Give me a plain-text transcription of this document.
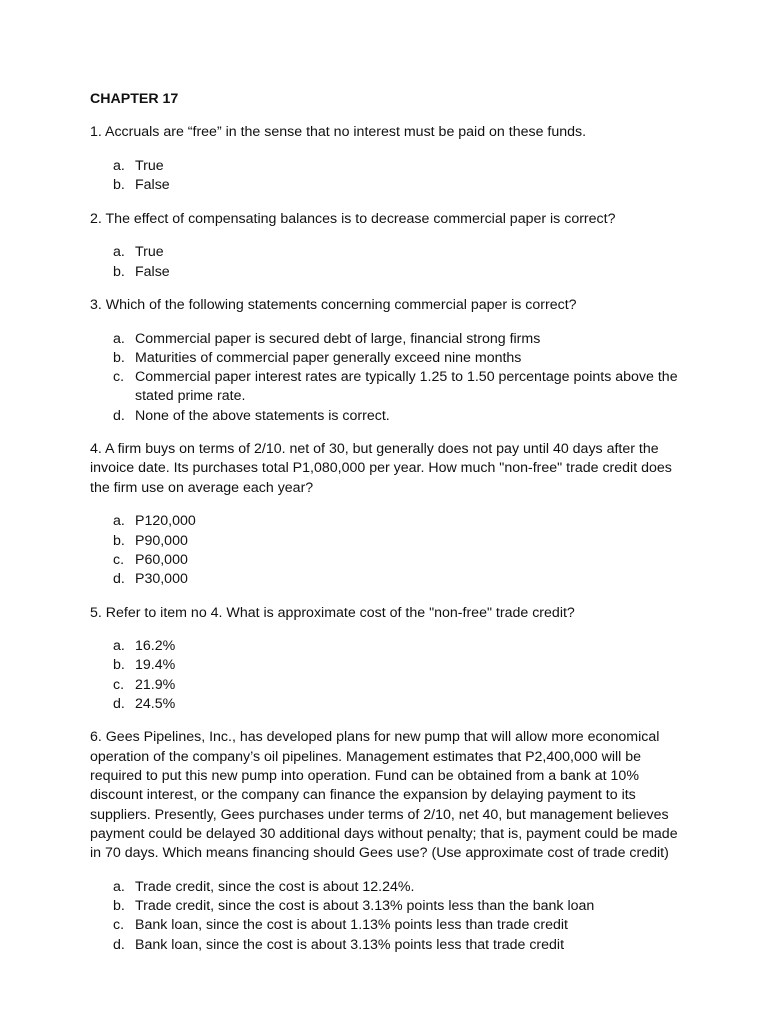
CHAPTER 17

1. Accruals are “free” in the sense that no interest must be paid on these funds.

a. True
b. False

2. The effect of compensating balances is to decrease commercial paper is correct?

a. True
b. False

3. Which of the following statements concerning commercial paper is correct?

a. Commercial paper is secured debt of large, financial strong firms
b. Maturities of commercial paper generally exceed nine months
c. Commercial paper interest rates are typically 1.25 to 1.50 percentage points above the stated prime rate.
d. None of the above statements is correct.

4. A firm buys on terms of 2/10. net of 30, but generally does not pay until 40 days after the invoice date. Its purchases total P1,080,000 per year. How much "non-free" trade credit does the firm use on average each year?

a. P120,000
b. P90,000
c. P60,000
d. P30,000

5. Refer to item no 4. What is approximate cost of the "non-free" trade credit?

a. 16.2%
b. 19.4%
c. 21.9%
d. 24.5%

6. Gees Pipelines, Inc., has developed plans for new pump that will allow more economical operation of the company’s oil pipelines. Management estimates that P2,400,000 will be required to put this new pump into operation. Fund can be obtained from a bank at 10% discount interest, or the company can finance the expansion by delaying payment to its suppliers. Presently, Gees purchases under terms of 2/10, net 40, but management believes payment could be delayed 30 additional days without penalty; that is, payment could be made in 70 days. Which means financing should Gees use? (Use approximate cost of trade credit)

a. Trade credit, since the cost is about 12.24%.
b. Trade credit, since the cost is about 3.13% points less than the bank loan
c. Bank loan, since the cost is about 1.13% points less than trade credit
d. Bank loan, since the cost is about 3.13% points less that trade credit
